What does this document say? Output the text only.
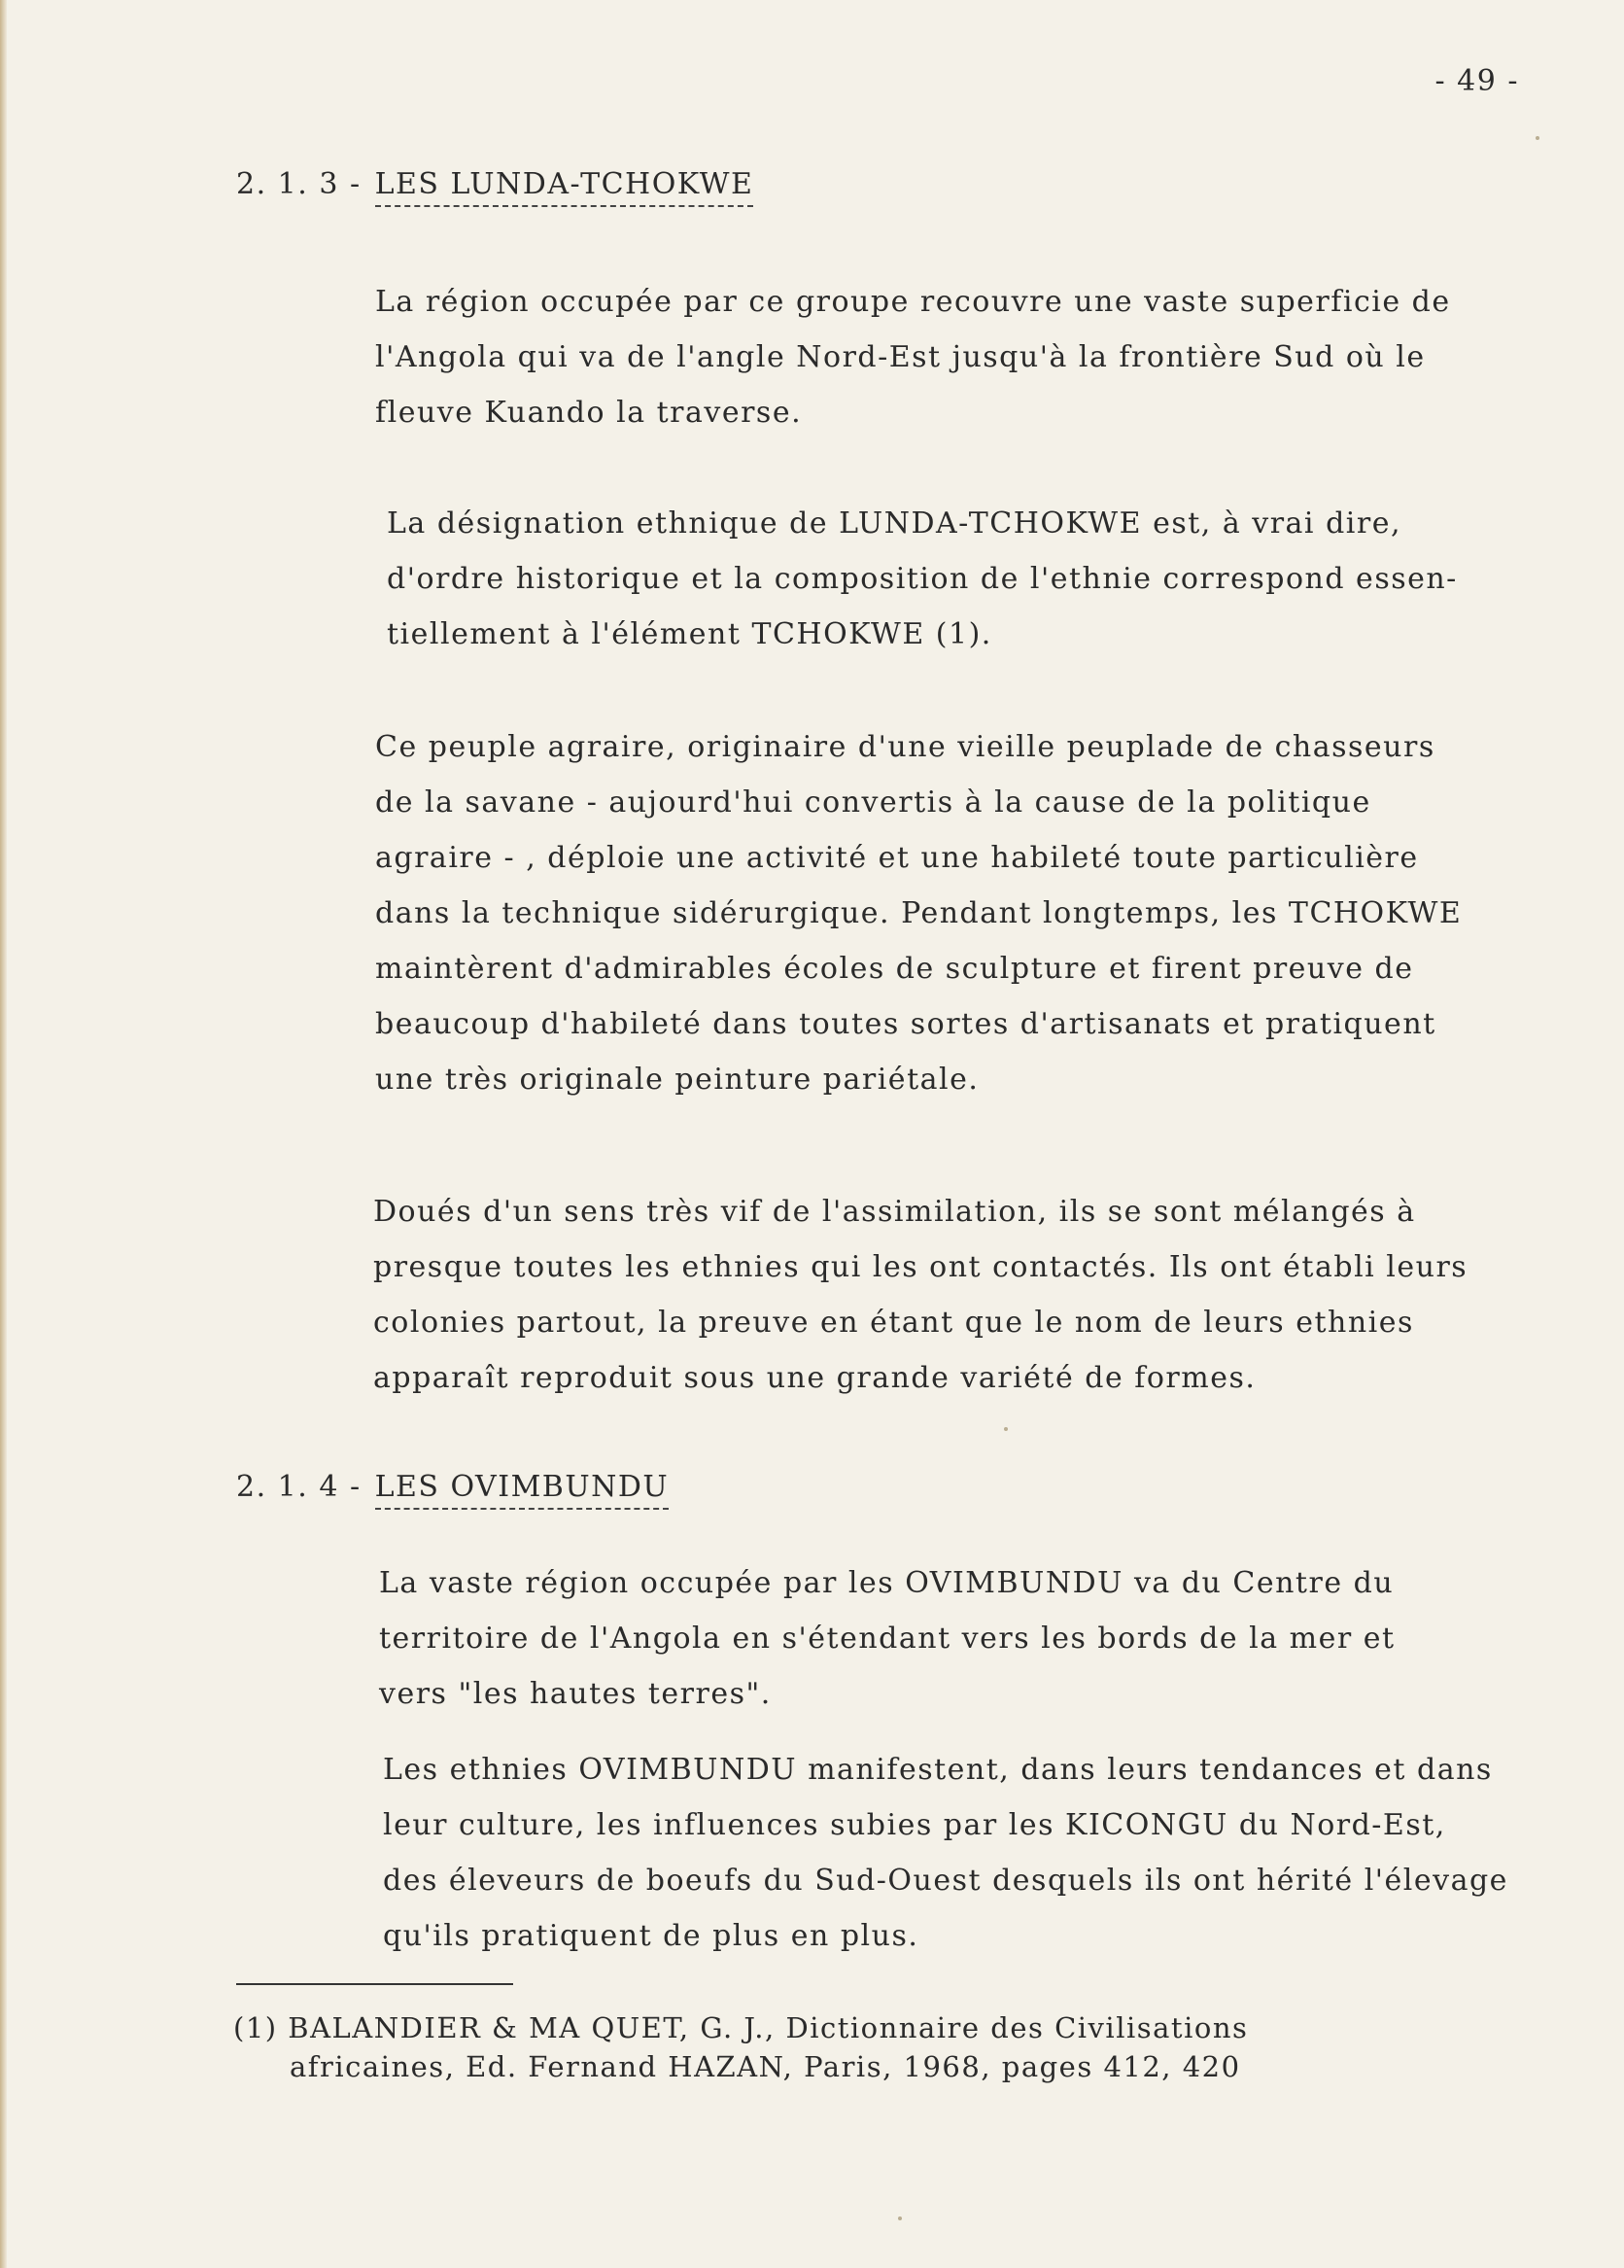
- 49 -
2. 1. 3 - LES LUNDA-TCHOKWE
La région occupée par ce groupe recouvre une vaste superficie de
l'Angola qui va de l'angle Nord-Est jusqu'à la frontière Sud où le
fleuve Kuando la traverse.
La désignation ethnique de LUNDA-TCHOKWE est, à vrai dire,
d'ordre historique et la composition de l'ethnie correspond essen-
tiellement à l'élément TCHOKWE (1).
Ce peuple agraire, originaire d'une vieille peuplade de chasseurs
de la savane - aujourd'hui convertis à la cause de la politique
agraire - , déploie une activité et une habileté toute particulière
dans la technique sidérurgique. Pendant longtemps, les TCHOKWE
maintèrent d'admirables écoles de sculpture et firent preuve de
beaucoup d'habileté dans toutes sortes d'artisanats et pratiquent
une très originale peinture pariétale.
Doués d'un sens très vif de l'assimilation, ils se sont mélangés à
presque toutes les ethnies qui les ont contactés. Ils ont établi leurs
colonies partout, la preuve en étant que le nom de leurs ethnies
apparaît reproduit sous une grande variété de formes.
2. 1. 4 - LES OVIMBUNDU
La vaste région occupée par les OVIMBUNDU va du Centre du
territoire de l'Angola en s'étendant vers les bords de la mer et
vers "les hautes terres".
Les ethnies OVIMBUNDU manifestent, dans leurs tendances et dans
leur culture, les influences subies par les KICONGU du Nord-Est,
des éleveurs de boeufs du Sud-Ouest desquels ils ont hérité l'élevage
qu'ils pratiquent de plus en plus.
(1) BALANDIER & MA QUET, G. J., Dictionnaire des Civilisations
africaines, Ed. Fernand HAZAN, Paris, 1968, pages 412, 420
